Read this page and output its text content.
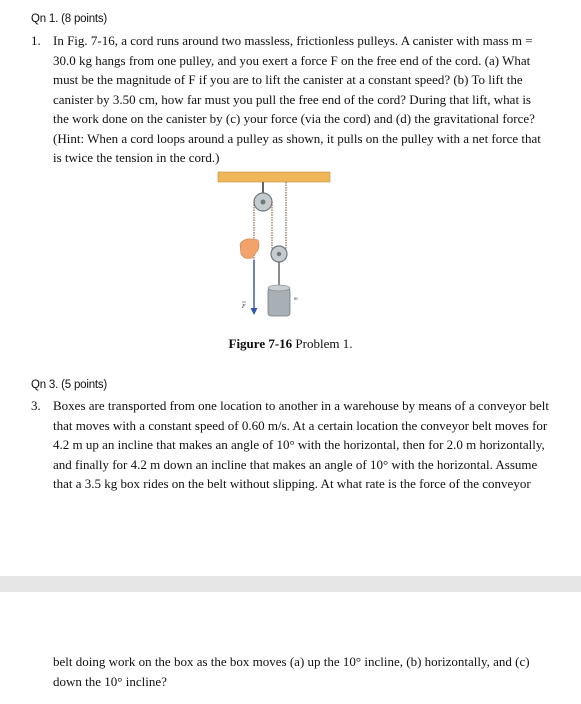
Qn 1. (8 points)
1. In Fig. 7-16, a cord runs around two massless, frictionless pulleys. A canister with mass m =
30.0 kg hangs from one pulley, and you exert a force F on the free end of the cord. (a) What
must be the magnitude of F if you are to lift the canister at a constant speed? (b) To lift the
canister by 3.50 cm, how far must you pull the free end of the cord? During that lift, what is
the work done on the canister by (c) your force (via the cord) and (d) the gravitational force?
(Hint: When a cord loops around a pulley as shown, it pulls on the pulley with a net force that
is twice the tension in the cord.)
m
F
Figure 7-16 Problem 1.
Qn 3. (5 points)
3. Boxes are transported from one location to another in a warehouse by means of a conveyor belt
that moves with a constant speed of 0.60 m/s. At a certain location the conveyor belt moves for
4.2 m up an incline that makes an angle of 10° with the horizontal, then for 2.0 m horizontally,
and finally for 4.2 m down an incline that makes an angle of 10° with the horizontal. Assume
that a 3.5 kg box rides on the belt without slipping. At what rate is the force of the conveyor
belt doing work on the box as the box moves (a) up the 10° incline, (b) horizontally, and (c)
down the 10° incline?
